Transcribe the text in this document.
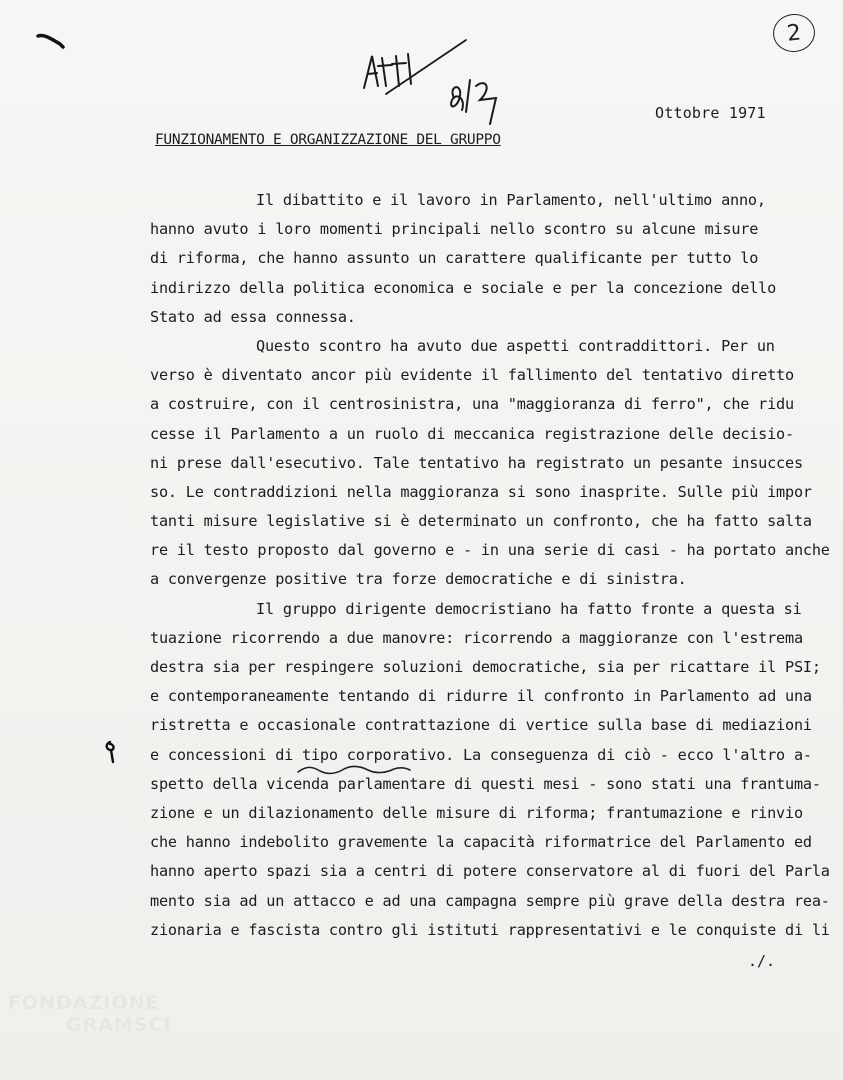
2
Ottobre 1971
FUNZIONAMENTO E ORGANIZZAZIONE DEL GRUPPO
Il dibattito e il lavoro in Parlamento, nell'ultimo anno,
hanno avuto i loro momenti principali nello scontro su alcune misure
di riforma, che hanno assunto un carattere qualificante per tutto lo
indirizzo della politica economica e sociale e per la concezione dello
Stato ad essa connessa.
Questo scontro ha avuto due aspetti contraddittori. Per un
verso è diventato ancor più evidente il fallimento del tentativo diretto
a costruire, con il centrosinistra, una "maggioranza di ferro", che ridu
cesse il Parlamento a un ruolo di meccanica registrazione delle decisio-
ni prese dall'esecutivo. Tale tentativo ha registrato un pesante insucces
so. Le contraddizioni nella maggioranza si sono inasprite. Sulle più impor
tanti misure legislative si è determinato un confronto, che ha fatto salta
re il testo proposto dal governo e - in una serie di casi - ha portato anche
a convergenze positive tra forze democratiche e di sinistra.
Il gruppo dirigente democristiano ha fatto fronte a questa si
tuazione ricorrendo a due manovre: ricorrendo a maggioranze con l'estrema
destra sia per respingere soluzioni democratiche, sia per ricattare il PSI;
e contemporaneamente tentando di ridurre il confronto in Parlamento ad una
ristretta e occasionale contrattazione di vertice sulla base di mediazioni
e concessioni di tipo corporativo. La conseguenza di ciò - ecco l'altro a-
spetto della vicenda parlamentare di questi mesi - sono stati una frantuma-
zione e un dilazionamento delle misure di riforma; frantumazione e rinvio
che hanno indebolito gravemente la capacità riformatrice del Parlamento ed
hanno aperto spazi sia a centri di potere conservatore al di fuori del Parla
mento sia ad un attacco e ad una campagna sempre più grave della destra rea-
zionaria e fascista contro gli istituti rappresentativi e le conquiste di li
./.
FONDAZIONE
GRAMSCI
